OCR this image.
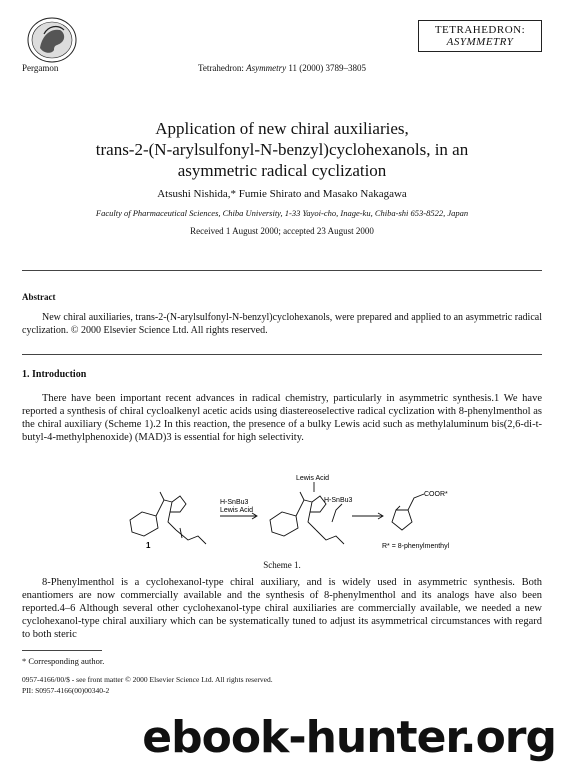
Pergamon	Tetrahedron: Asymmetry 11 (2000) 3789–3805
TETRAHEDRON:
ASYMMETRY
Application of new chiral auxiliaries,
trans-2-(N-arylsulfonyl-N-benzyl)cyclohexanols, in an
asymmetric radical cyclization
Atsushi Nishida,* Fumie Shirato and Masako Nakagawa
Faculty of Pharmaceutical Sciences, Chiba University, 1-33 Yayoi-cho, Inage-ku, Chiba-shi 653-8522, Japan
Received 1 August 2000; accepted 23 August 2000
Abstract
New chiral auxiliaries, trans-2-(N-arylsulfonyl-N-benzyl)cyclohexanols, were prepared and applied to an asymmetric radical cyclization. © 2000 Elsevier Science Ltd. All rights reserved.
1. Introduction
There have been important recent advances in radical chemistry, particularly in asymmetric synthesis.1 We have reported a synthesis of chiral cycloalkenyl acetic acids using diastereoselective radical cyclization with 8-phenylmenthol as the chiral auxiliary (Scheme 1).2 In this reaction, the presence of a bulky Lewis acid such as methylaluminum bis(2,6-di-t-butyl-4-methylphenoxide) (MAD)3 is essential for high selectivity.
H-SnBu3
Lewis Acid
Lewis Acid
H-SnBu3
COOR*
1	R* = 8-phenylmenthyl
Scheme 1.
8-Phenylmenthol is a cyclohexanol-type chiral auxiliary, and is widely used in asymmetric synthesis. Both enantiomers are now commercially available and the synthesis of 8-phenylmenthol and its analogs have also been reported.4–6 Although several other cyclohexanol-type chiral auxiliaries are commercially available, we needed a new cyclohexanol-type chiral auxiliary which can be systematically tuned to adjust its asymmetrical circumstances with regard to both steric
* Corresponding author.
0957-4166/00/$ - see front matter © 2000 Elsevier Science Ltd. All rights reserved.
PII: S0957-4166(00)00340-2
ebook-hunter.org
